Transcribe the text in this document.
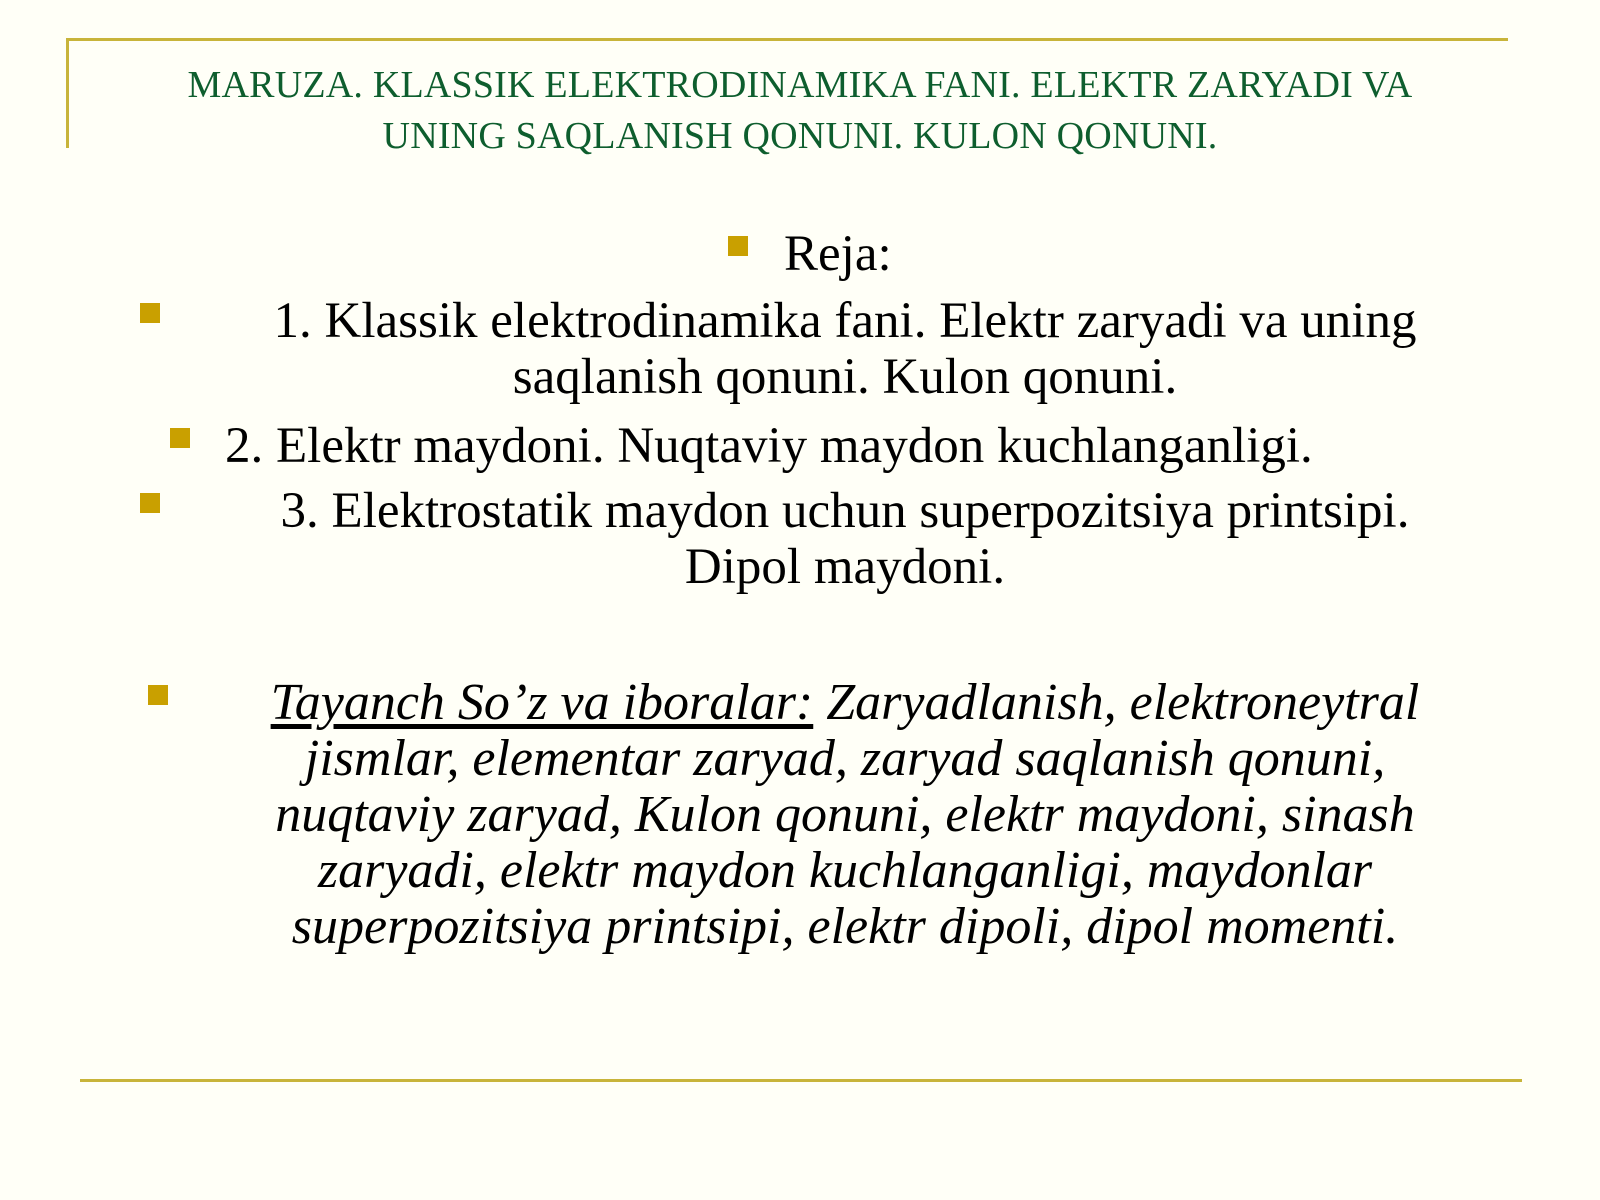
MARUZA. KLASSIK ELEKTRODINAMIKA FANI. ELEKTR ZARYADI VA
UNING SAQLANISH QONUNI. KULON QONUNI.
Reja:
1. Klassik elektrodinamika fani. Elektr zaryadi va uning
saqlanish qonuni. Kulon qonuni.
2. Elektr maydoni. Nuqtaviy maydon kuchlanganligi.
3. Elektrostatik maydon uchun superpozitsiya printsipi.
Dipol maydoni.
Tayanch So’z va iboralar: Zaryadlanish, elektroneytral
jismlar, elementar zaryad, zaryad saqlanish qonuni,
nuqtaviy zaryad, Kulon qonuni, elektr maydoni, sinash
zaryadi, elektr maydon kuchlanganligi, maydonlar
superpozitsiya printsipi, elektr dipoli, dipol momenti.
